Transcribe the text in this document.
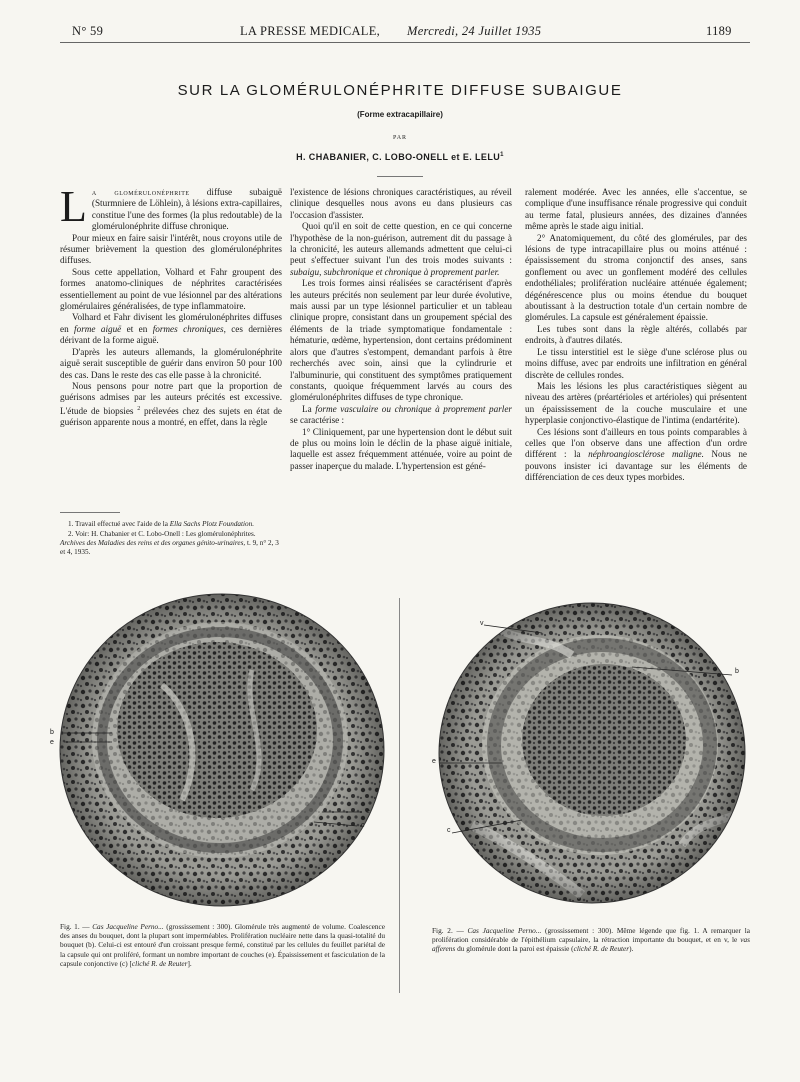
N° 59	LA PRESSE MEDICALE, Mercredi, 24 Juillet 1935	1189
SUR LA GLOMÉRULONÉPHRITE DIFFUSE SUBAIGUE
(Forme extracapillaire)
PAR
H. CHABANIER, C. LOBO-ONELL et E. LELU$^1$

La glomérulonéphrite diffuse subaiguë (Sturmniere de Löhlein), à lésions extra-capillaires, constitue l'une des formes (la plus redoutable) de la glomérulonéphrite diffuse chronique.

Pour mieux en faire saisir l'intérêt, nous croyons utile de résumer brièvement la question des glomérulonéphrites diffuses.

Sous cette appellation, Volhard et Fahr groupent des formes anatomo-cliniques de néphrites caractérisées essentiellement au point de vue lésionnel par des altérations glomérulaires généralisées, de type inflammatoire.

Volhard et Fahr divisent les glomérulonéphrites diffuses en forme aiguë et en formes chroniques, ces dernières dérivant de la forme aiguë.

D'après les auteurs allemands, la glomérulonéphrite aiguë serait susceptible de guérir dans environ 50 pour 100 des cas. Dans le reste des cas elle passe à la chronicité.

Nous pensons pour notre part que la proportion de guérisons admises par les auteurs précités est excessive. L'étude de biopsies $^2$ prélevées chez des sujets en état de guérison apparente nous a montré, en effet, dans la règle

1. Travail effectué avec l'aide de la Ella Sachs Plotz Foundation.

2. Voir: H. Chabanier et C. Lobo-Onell : Les glomérulonéphrites. Archives des Maladies des reins et des organes génito-urinaires, t. 9, n° 2, 3 et 4, 1935.

l'existence de lésions chroniques caractéristiques, au réveil clinique desquelles nous avons eu dans plusieurs cas l'occasion d'assister.

Quoi qu'il en soit de cette question, en ce qui concerne l'hypothèse de la non-guérison, autrement dit du passage à la chronicité, les auteurs allemands admettent que celui-ci peut s'effectuer suivant l'un des trois modes suivants : subaigu, subchronique et chronique à proprement parler.

Les trois formes ainsi réalisées se caractérisent d'après les auteurs précités non seulement par leur durée évolutive, mais aussi par un type lésionnel particulier et un tableau clinique propre, consistant dans un groupement spécial des éléments de la triade symptomatique fondamentale : hématurie, œdème, hypertension, dont certains prédominent alors que d'autres s'estompent, demandant parfois à être recherchés avec soin, ainsi que la cylindrurie et l'albuminurie, qui constituent des symptômes pratiquement constants, quoique fréquemment larvés au cours des glomérulonéphrites diffuses de type chronique.

La forme vasculaire ou chronique à proprement parler se caractérise :

1° Cliniquement, par une hypertension dont le début suit de plus ou moins loin le déclin de la phase aiguë initiale, laquelle est assez fréquemment atténuée, voire au point de passer inaperçue du malade. L'hypertension est géné-

ralement modérée. Avec les années, elle s'accentue, se complique d'une insuffisance rénale progressive qui conduit au terme fatal, plusieurs années, des dizaines d'années même après le stade aigu initial.

2° Anatomiquement, du côté des glomérules, par des lésions de type intracapillaire plus ou moins atténué : épaississement du stroma conjonctif des anses, sans gonflement ou avec un gonflement modéré des cellules endothéliales; prolifération nucléaire atténuée également; dégénérescence plus ou moins étendue du bouquet aboutissant à la destruction totale d'un certain nombre de glomérules. La capsule est généralement épaissie.

Les tubes sont dans la règle altérés, collabés par endroits, à d'autres dilatés.

Le tissu interstitiel est le siège d'une sclérose plus ou moins diffuse, avec par endroits une infiltration en général discrète de cellules rondes.

Mais les lésions les plus caractéristiques siègent au niveau des artères (préartérioles et artérioles) qui présentent un épaississement de la couche musculaire et une hyperplasie conjonctivo-élastique de l'intima (endartérite).

Ces lésions sont d'ailleurs en tous points comparables à celles que l'on observe dans une affection d'un ordre différent : la néphroangiosclérose maligne. Nous ne pouvons insister ici davantage sur les éléments de différenciation de ces deux types morbides.

b
e
e
c
v
b
e
c
Fig. 1. — Cas Jacqueline Perno... (grossissement : 300). Glomérule très augmenté de volume. Coalescence des anses du bouquet, dont la plupart sont imperméables. Prolifération nucléaire nette dans la quasi-totalité du bouquet (b). Celui-ci est entouré d'un croissant presque fermé, constitué par les cellules du feuillet pariétal de la capsule qui ont proliféré, formant un nombre important de couches (e). Épaississement et fasciculation de la capsule conjonctive (c) [cliché R. de Reuter].
Fig. 2. — Cas Jacqueline Perno... (grossissement : 300). Même légende que fig. 1. A remarquer la prolifération considérable de l'épithélium capsulaire, la rétraction importante du bouquet, et en v, le vas afferens du glomérule dont la paroi est épaissie (cliché R. de Reuter).
